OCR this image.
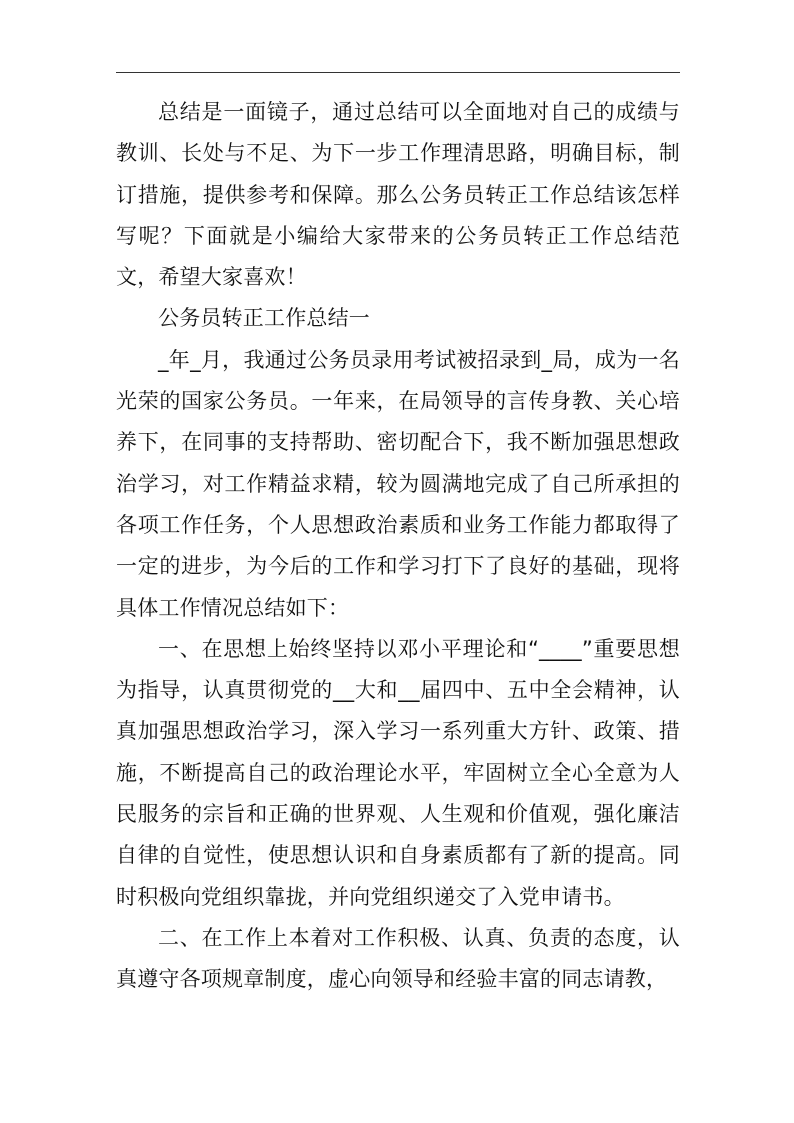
总结是一面镜子，通过总结可以全面地对自己的成绩与教训、长处与不足、为下一步工作理清思路，明确目标，制订措施，提供参考和保障。那么公务员转正工作总结该怎样写呢？下面就是小编给大家带来的公务员转正工作总结范文，希望大家喜欢！

公务员转正工作总结一

_年_月，我通过公务员录用考试被招录到_局，成为一名光荣的国家公务员。一年来，在局领导的言传身教、关心培养下，在同事的支持帮助、密切配合下，我不断加强思想政治学习，对工作精益求精，较为圆满地完成了自己所承担的各项工作任务，个人思想政治素质和业务工作能力都取得了一定的进步，为今后的工作和学习打下了良好的基础，现将具体工作情况总结如下：

一、在思想上始终坚持以邓小平理论和“____”重要思想为指导，认真贯彻党的__大和__届四中、五中全会精神，认真加强思想政治学习，深入学习一系列重大方针、政策、措施，不断提高自己的政治理论水平，牢固树立全心全意为人民服务的宗旨和正确的世界观、人生观和价值观，强化廉洁自律的自觉性，使思想认识和自身素质都有了新的提高。同时积极向党组织靠拢，并向党组织递交了入党申请书。

二、在工作上本着对工作积极、认真、负责的态度，认真遵守各项规章制度，虚心向领导和经验丰富的同志请教，
